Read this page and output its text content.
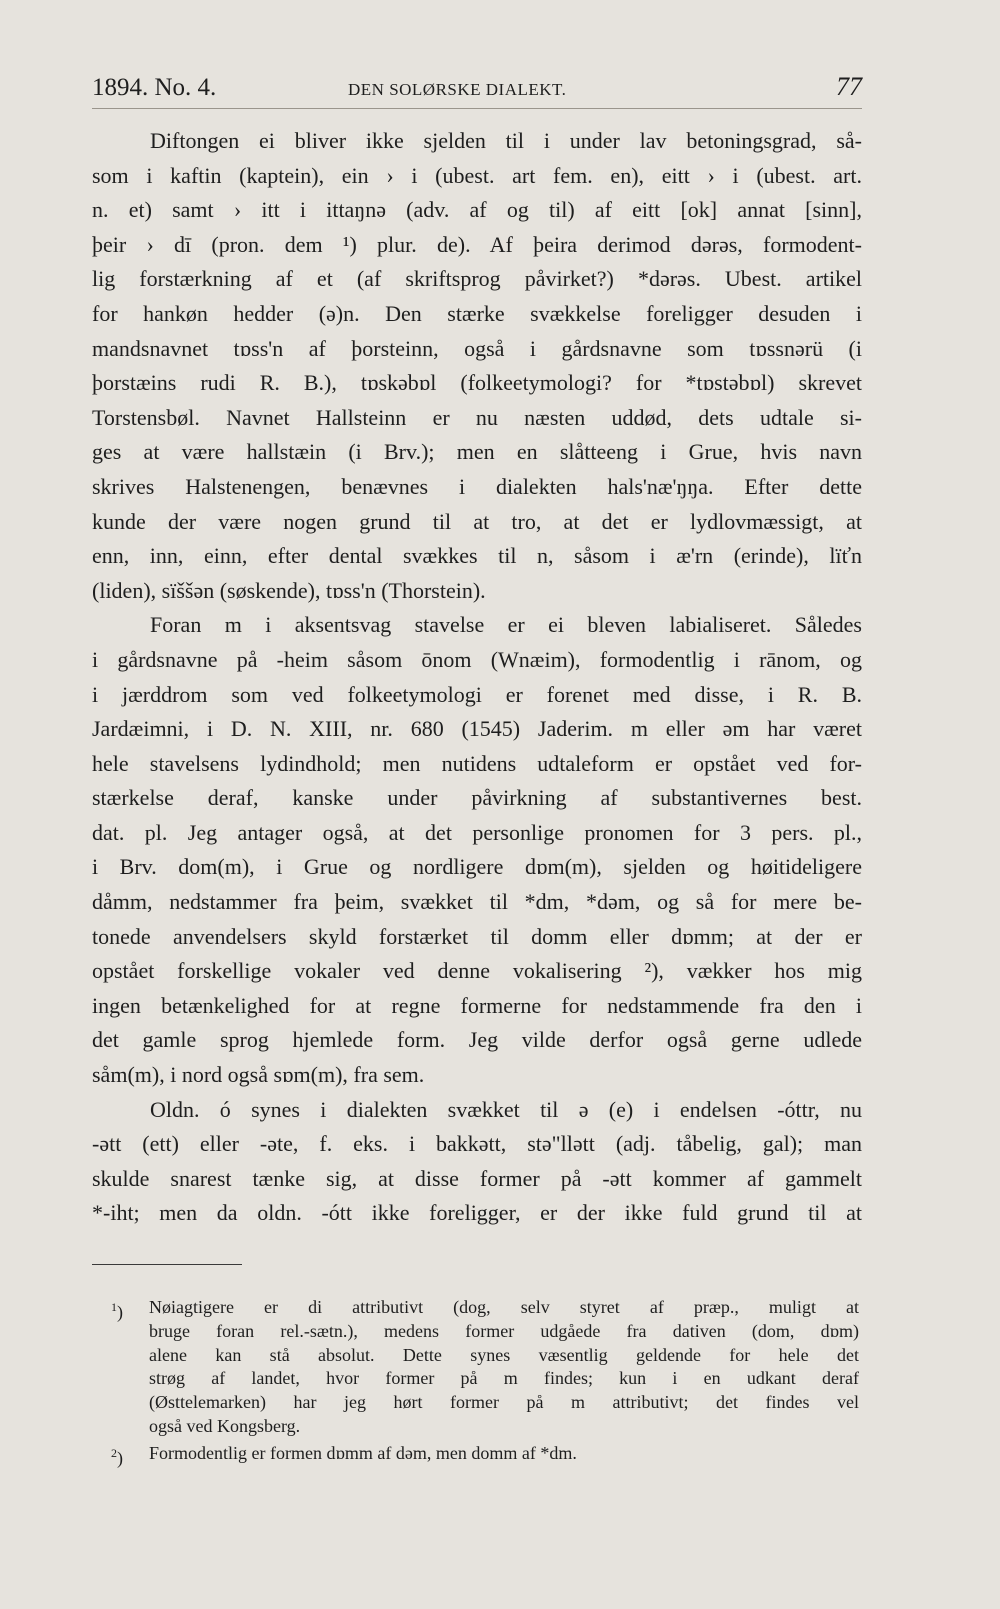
1894. No. 4.	DEN SOLØRSKE DIALEKT.	77
Diftongen ei bliver ikke sjelden til i under lav betoningsgrad, så-
som i kaftin (kaptein), ein › i (ubest. art fem. en), eitt › i (ubest. art.
n. et) samt › itt i ittaŋnə (adv. af og til) af eitt [ok] annat [sinn],
þeir › dī (pron. dem ¹) plur. de). Af þeira derimod dərəs, formodent-
lig forstærkning af et (af skriftsprog påvirket?) *dərəs. Ubest. artikel
for hankøn hedder (ə)n. Den stærke svækkelse foreligger desuden i
mandsnavnet tɒss'n af þorsteinn, også i gårdsnavne som tɒssnərü (i
þorstæins rudi R. B.), tɒskəbɒl (folkeetymologi? for *tɒstəbɒl) skrevet
Torstensbøl. Navnet Hallsteinn er nu næsten uddød, dets udtale si-
ges at være hallstæin (i Brv.); men en slåtteeng i Grue, hvis navn
skrives Halstenengen, benævnes i dialekten hals'næ'ŋŋa. Efter dette
kunde der være nogen grund til at tro, at det er lydlovmæssigt, at
enn, inn, einn, efter dental svækkes til n, såsom i æ'rn (erinde), lïťn
(liden), sïššən (søskende), tɒss'n (Thorstein).
Foran m i aksentsvag stavelse er ei bleven labialiseret. Således
i gårdsnavne på -heim såsom ōnom (Wnæim), formodentlig i rānom, og
i jærddrom som ved folkeetymologi er forenet med disse, i R. B.
Jardæimni, i D. N. XIII, nr. 680 (1545) Jaderim. m eller əm har været
hele stavelsens lydindhold; men nutidens udtaleform er opstået ved for-
stærkelse deraf, kanske under påvirkning af substantivernes best.
dat. pl. Jeg antager også, at det personlige pronomen for 3 pers. pl.,
i Brv. dom(m), i Grue og nordligere dɒm(m), sjelden og høitideligere
dåmm, nedstammer fra þeim, svækket til *dm, *dəm, og så for mere be-
tonede anvendelsers skyld forstærket til domm eller dɒmm; at der er
opstået forskellige vokaler ved denne vokalisering ²), vækker hos mig
ingen betænkelighed for at regne formerne for nedstammende fra den i
det gamle sprog hjemlede form. Jeg vilde derfor også gerne udlede
såm(m), i nord også sɒm(m), fra sem.
Oldn. ó synes i dialekten svækket til ə (e) i endelsen -óttr, nu
-ətt (ett) eller -əte, f. eks. i bakkətt, stə"llətt (adj. tåbelig, gal); man
skulde snarest tænke sig, at disse former på -ətt kommer af gammelt
*-iht; men da oldn. -ótt ikke foreligger, er der ikke fuld grund til at
$^1$) Nøiagtigere er di attributivt (dog, selv styret af præp., muligt at
bruge foran rel.-sætn.), medens former udgåede fra dativen (dom, dɒm)
alene kan stå absolut. Dette synes væsentlig geldende for hele det
strøg af landet, hvor former på m findes; kun i en udkant deraf
(Østtelemarken) har jeg hørt former på m attributivt; det findes vel
også ved Kongsberg.
$^2$) Formodentlig er formen dɒmm af dəm, men domm af *dm.
